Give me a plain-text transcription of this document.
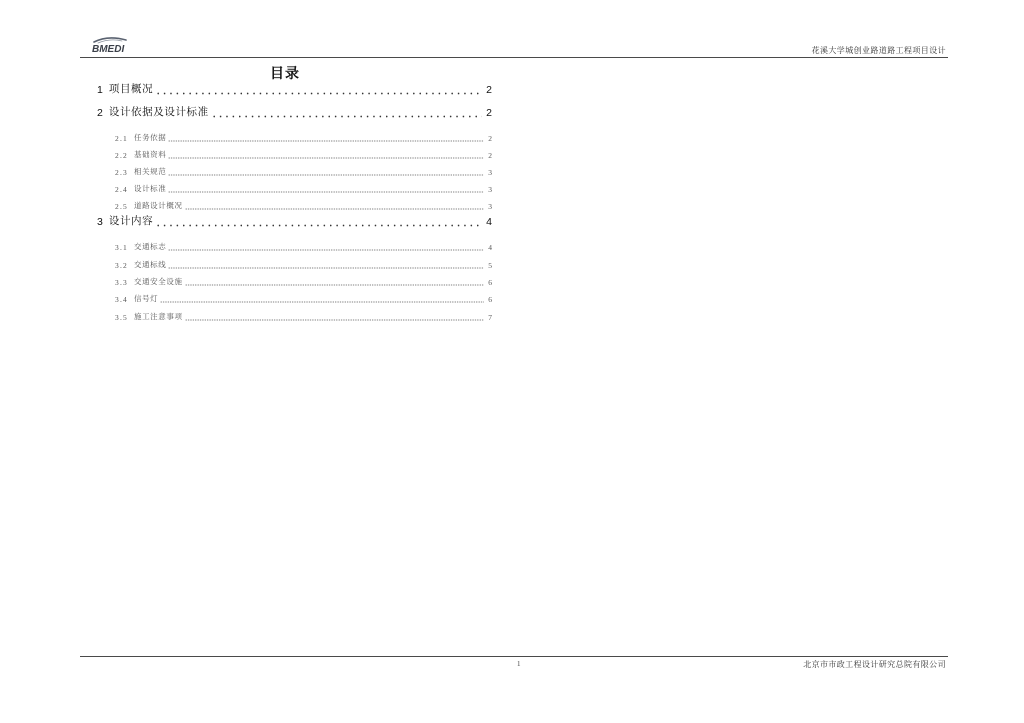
BMEDI	花溪大学城创业路道路工程项目设计
目录
1 项目概况	2
2 设计依据及设计标准	2
2.1 任务依据	2
2.2 基础资料	2
2.3 相关规范	3
2.4 设计标准	3
2.5 道路设计概况	3
3 设计内容	4
3.1 交通标志	4
3.2 交通标线	5
3.3 交通安全设施	6
3.4 信号灯	6
3.5 施工注意事项	7
1	北京市市政工程设计研究总院有限公司
